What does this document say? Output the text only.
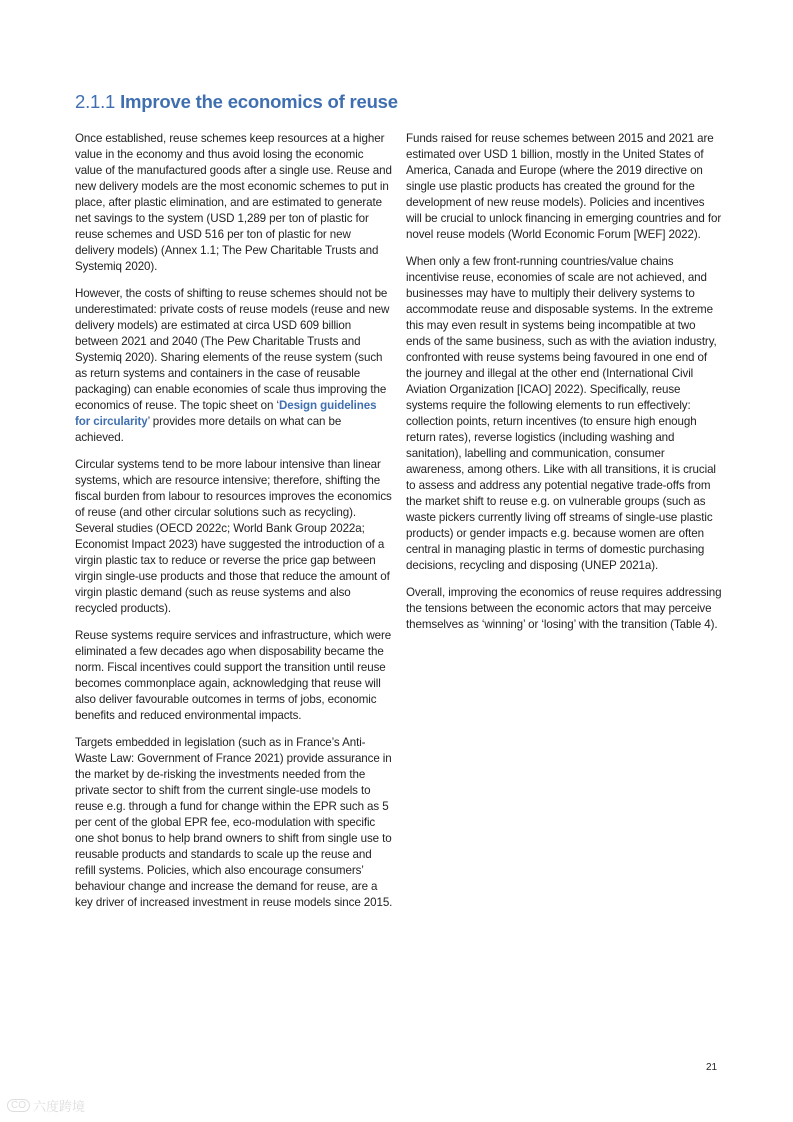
2.1.1 Improve the economics of reuse

Once established, reuse schemes keep resources at a higher value in the economy and thus avoid losing the economic value of the manufactured goods after a single use. Reuse and new delivery models are the most economic schemes to put in place, after plastic elimination, and are estimated to generate net savings to the system (USD 1,289 per ton of plastic for reuse schemes and USD 516 per ton of plastic for new delivery models) (Annex 1.1; The Pew Charitable Trusts and Systemiq 2020).

However, the costs of shifting to reuse schemes should not be underestimated: private costs of reuse models (reuse and new delivery models) are estimated at circa USD 609 billion between 2021 and 2040 (The Pew Charitable Trusts and Systemiq 2020). Sharing elements of the reuse system (such as return systems and containers in the case of reusable packaging) can enable economies of scale thus improving the economics of reuse. The topic sheet on ‘Design guidelines for circularity’ provides more details on what can be achieved.

Circular systems tend to be more labour intensive than linear systems, which are resource intensive; therefore, shifting the fiscal burden from labour to resources improves the economics of reuse (and other circular solutions such as recycling). Several studies (OECD 2022c; World Bank Group 2022a; Economist Impact 2023) have suggested the introduction of a virgin plastic tax to reduce or reverse the price gap between virgin single-use products and those that reduce the amount of virgin plastic demand (such as reuse systems and also recycled products).

Reuse systems require services and infrastructure, which were eliminated a few decades ago when disposability became the norm. Fiscal incentives could support the transition until reuse becomes commonplace again, acknowledging that reuse will also deliver favourable outcomes in terms of jobs, economic benefits and reduced environmental impacts.

Targets embedded in legislation (such as in France’s Anti-Waste Law: Government of France 2021) provide assurance in the market by de-risking the investments needed from the private sector to shift from the current single-use models to reuse e.g. through a fund for change within the EPR such as 5 per cent of the global EPR fee, eco-modulation with specific one shot bonus to help brand owners to shift from single use to reusable products and standards to scale up the reuse and refill systems. Policies, which also encourage consumers’ behaviour change and increase the demand for reuse, are a key driver of increased investment in reuse models since 2015.

Funds raised for reuse schemes between 2015 and 2021 are estimated over USD 1 billion, mostly in the United States of America, Canada and Europe (where the 2019 directive on single use plastic products has created the ground for the development of new reuse models). Policies and incentives will be crucial to unlock financing in emerging countries and for novel reuse models (World Economic Forum [WEF] 2022).

When only a few front-running countries/value chains incentivise reuse, economies of scale are not achieved, and businesses may have to multiply their delivery systems to accommodate reuse and disposable systems. In the extreme this may even result in systems being incompatible at two ends of the same business, such as with the aviation industry, confronted with reuse systems being favoured in one end of the journey and illegal at the other end (International Civil Aviation Organization [ICAO] 2022). Specifically, reuse systems require the following elements to run effectively: collection points, return incentives (to ensure high enough return rates), reverse logistics (including washing and sanitation), labelling and communication, consumer awareness, among others. Like with all transitions, it is crucial to assess and address any potential negative trade-offs from the market shift to reuse e.g. on vulnerable groups (such as waste pickers currently living off streams of single-use plastic products) or gender impacts e.g. because women are often central in managing plastic in terms of domestic purchasing decisions, recycling and disposing (UNEP 2021a).

Overall, improving the economics of reuse requires addressing the tensions between the economic actors that may perceive themselves as ‘winning’ or ‘losing’ with the transition (Table 4).

21
CO 六度跨境
